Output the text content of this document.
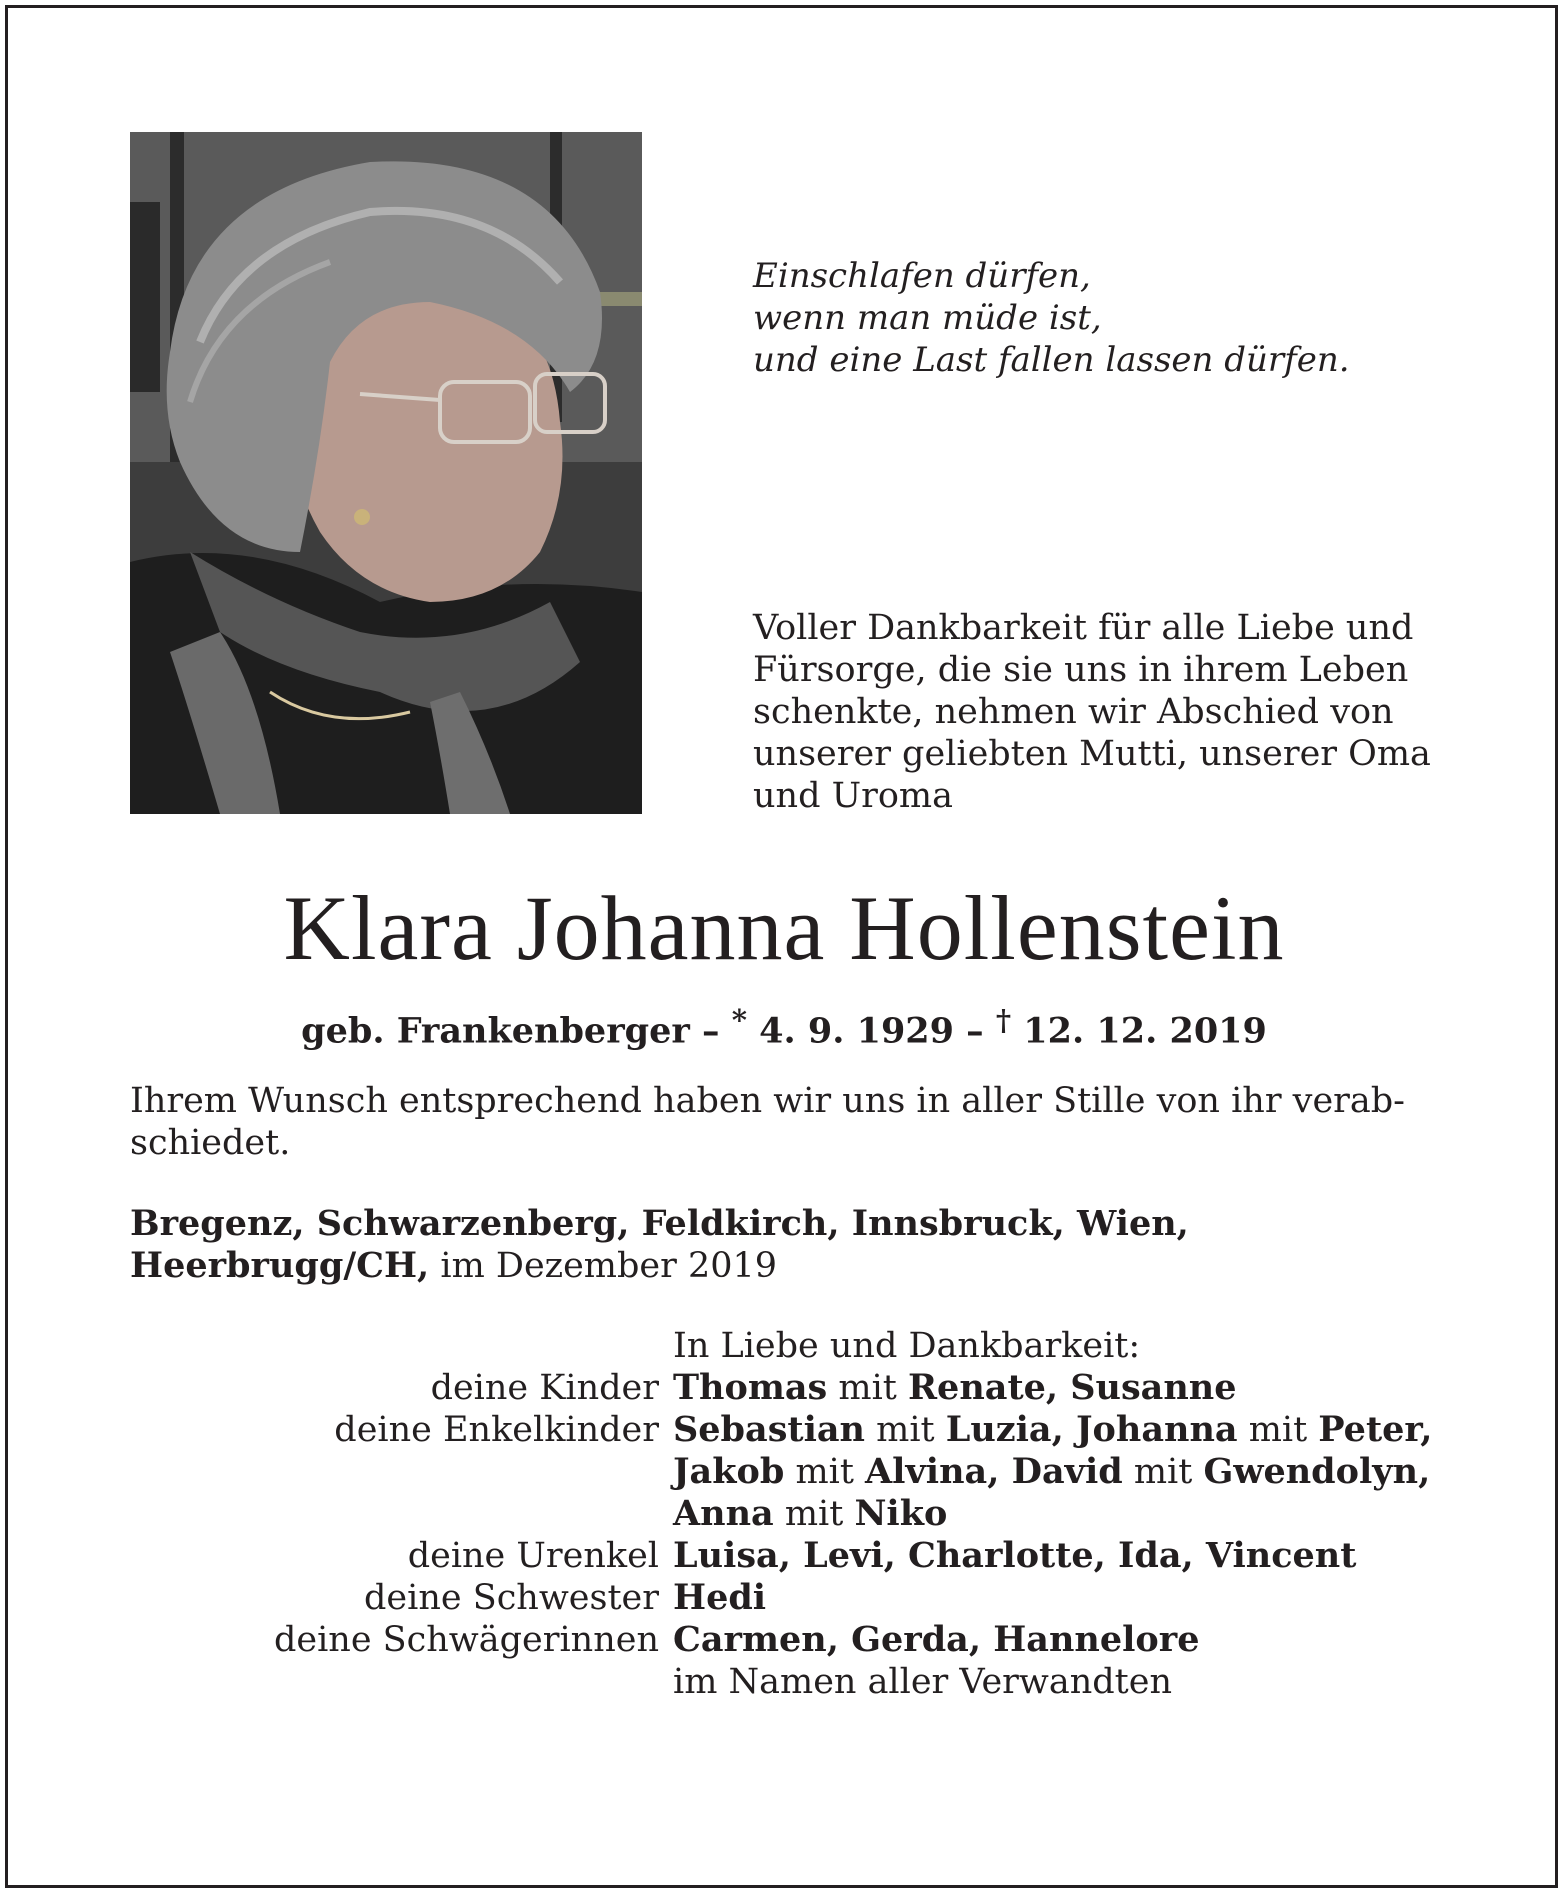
Einschlafen dürfen,
wenn man müde ist,
und eine Last fallen lassen dürfen.
Voller Dankbarkeit für alle Liebe und
Fürsorge, die sie uns in ihrem Leben
schenkte, nehmen wir Abschied von
unserer geliebten Mutti, unserer Oma
und Uroma
Klara Johanna Hollenstein
geb. Frankenberger – * 4. 9. 1929 – † 12. 12. 2019
Ihrem Wunsch entsprechend haben wir uns in aller Stille von ihr verab-
schiedet.
Bregenz, Schwarzenberg, Feldkirch, Innsbruck, Wien,
Heerbrugg/CH, im Dezember 2019
In Liebe und Dankbarkeit:
deine Kinder Thomas mit Renate, Susanne
deine Enkelkinder Sebastian mit Luzia, Johanna mit Peter,
Jakob mit Alvina, David mit Gwendolyn,
Anna mit Niko
deine Urenkel Luisa, Levi, Charlotte, Ida, Vincent
deine Schwester Hedi
deine Schwägerinnen Carmen, Gerda, Hannelore
im Namen aller Verwandten
